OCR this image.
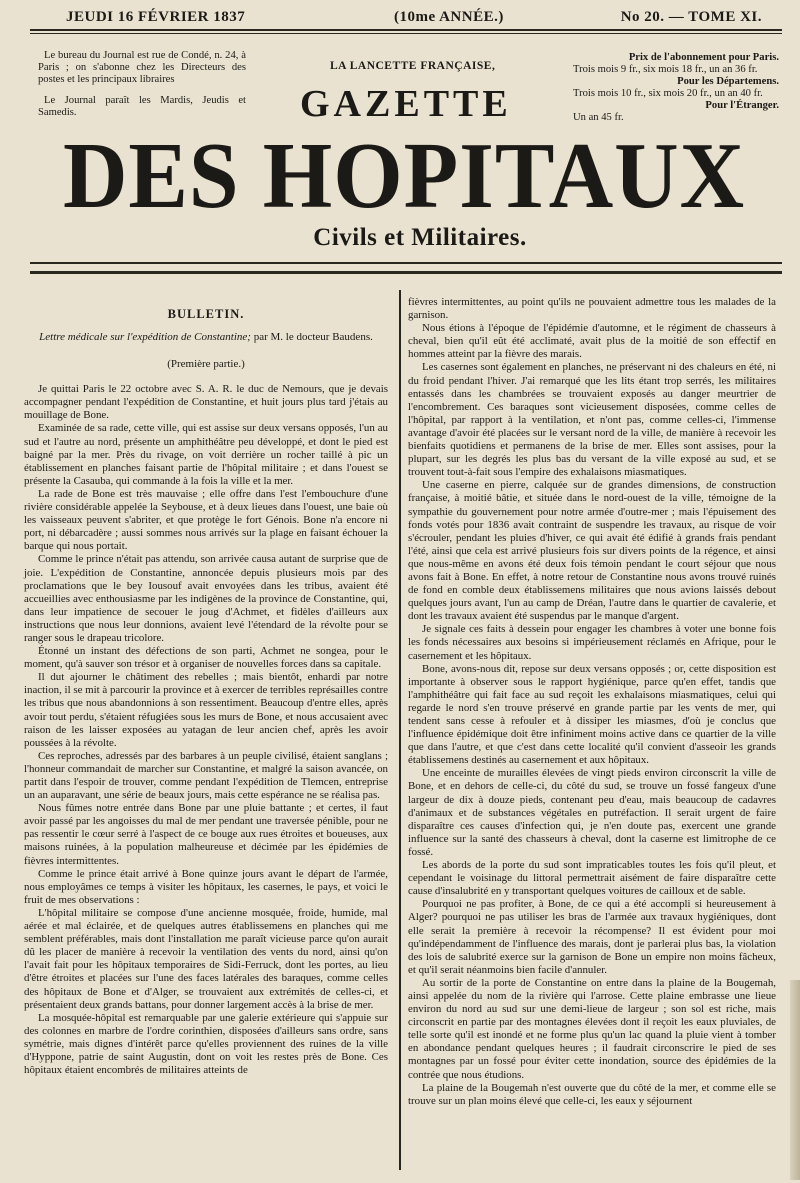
JEUDI 16 FÉVRIER 1837	(10me ANNÉE.)	No 20. — TOME XI.

Le bureau du Journal est rue de Condé, n. 24, à Paris ; on s'abonne chez les Directeurs des postes et les principaux libraires

Le Journal paraît les Mardis, Jeudis et Samedis.

LA LANCETTE FRANÇAISE,
GAZETTE
Prix de l'abonnement pour Paris.
Trois mois 9 fr., six mois 18 fr., un an 36 fr.
Pour les Départemens.
Trois mois 10 fr., six mois 20 fr., un an 40 fr.
Pour l'Étranger.
Un an 45 fr.
DES HOPITAUX
Civils et Militaires.
BULLETIN.
Lettre médicale sur l'expédition de Constantine; par M. le docteur Baudens.
(Première partie.)

Je quittai Paris le 22 octobre avec S. A. R. le duc de Nemours, que je devais accompagner pendant l'expédition de Constantine, et huit jours plus tard j'étais au mouillage de Bone.

Examinée de sa rade, cette ville, qui est assise sur deux versans opposés, l'un au sud et l'autre au nord, présente un amphithéâtre peu développé, et dont le pied est baigné par la mer. Près du rivage, on voit derrière un rocher taillé à pic un établissement en planches faisant partie de l'hôpital militaire ; et dans l'ouest se présente la Casauba, qui commande à la fois la ville et la mer.

La rade de Bone est très mauvaise ; elle offre dans l'est l'embouchure d'une rivière considérable appelée la Seybouse, et à deux lieues dans l'ouest, une baie où les vaisseaux peuvent s'abriter, et que protège le fort Génois. Bone n'a encore ni port, ni débarcadère ; aussi sommes nous arrivés sur la plage en faisant échouer la barque qui nous portait.

Comme le prince n'était pas attendu, son arrivée causa autant de surprise que de joie. L'expédition de Constantine, annoncée depuis plusieurs mois par des proclamations que le bey Iousouf avait envoyées dans les tribus, avaient été accueillies avec enthousiasme par les indigènes de la province de Constantine, qui, dans leur impatience de secouer le joug d'Achmet, et fidèles d'ailleurs aux instructions que nous leur donnions, avaient levé l'étendard de la révolte pour se ranger sous le drapeau tricolore.

Étonné un instant des défections de son parti, Achmet ne songea, pour le moment, qu'à sauver son trésor et à organiser de nouvelles forces dans sa capitale.

Il dut ajourner le châtiment des rebelles ; mais bientôt, enhardi par notre inaction, il se mit à parcourir la province et à exercer de terribles représailles contre les tribus que nous abandonnions à son ressentiment. Beaucoup d'entre elles, après avoir tout perdu, s'étaient réfugiées sous les murs de Bone, et nous accusaient avec raison de les laisser exposées au yatagan de leur ancien chef, après les avoir poussées à la révolte.

Ces reproches, adressés par des barbares à un peuple civilisé, étaient sanglans ; l'honneur commandait de marcher sur Constantine, et malgré la saison avancée, on partit dans l'espoir de trouver, comme pendant l'expédition de Tlemcen, entreprise un an auparavant, une série de beaux jours, mais cette espérance ne se réalisa pas.

Nous fûmes notre entrée dans Bone par une pluie battante ; et certes, il faut avoir passé par les angoisses du mal de mer pendant une traversée pénible, pour ne pas ressentir le cœur serré à l'aspect de ce bouge aux rues étroites et boueuses, aux maisons ruinées, à la population malheureuse et décimée par les épidémies de fièvres intermittentes.

Comme le prince était arrivé à Bone quinze jours avant le départ de l'armée, nous employâmes ce temps à visiter les hôpitaux, les casernes, le pays, et voici le fruit de mes observations :

L'hôpital militaire se compose d'une ancienne mosquée, froide, humide, mal aérée et mal éclairée, et de quelques autres établissemens en planches qui me semblent préférables, mais dont l'installation me paraît vicieuse parce qu'on aurait dû les placer de manière à recevoir la ventilation des vents du nord, ainsi qu'on l'avait fait pour les hôpitaux temporaires de Sidi-Ferruck, dont les portes, au lieu d'être étroites et placées sur l'une des faces latérales des baraques, comme celles des hôpitaux de Bone et d'Alger, se trouvaient aux extrémités de celles-ci, et présentaient deux grands battans, pour donner largement accès à la brise de mer.

La mosquée-hôpital est remarquable par une galerie extérieure qui s'appuie sur des colonnes en marbre de l'ordre corinthien, disposées d'ailleurs sans ordre, sans symétrie, mais dignes d'intérêt parce qu'elles proviennent des ruines de la ville d'Hyppone, patrie de saint Augustin, dont on voit les restes près de Bone. Ces hôpitaux étaient encombrés de militaires atteints de

fièvres intermittentes, au point qu'ils ne pouvaient admettre tous les malades de la garnison.

Nous étions à l'époque de l'épidémie d'automne, et le régiment de chasseurs à cheval, bien qu'il eût été acclimaté, avait plus de la moitié de son effectif en hommes atteint par la fièvre des marais.

Les casernes sont également en planches, ne préservant ni des chaleurs en été, ni du froid pendant l'hiver. J'ai remarqué que les lits étant trop serrés, les militaires entassés dans les chambrées se trouvaient exposés au danger meurtrier de l'encombrement. Ces baraques sont vicieusement disposées, comme celles de l'hôpital, par rapport à la ventilation, et n'ont pas, comme celles-ci, l'immense avantage d'avoir été placées sur le versant nord de la ville, de manière à recevoir les bienfaits quotidiens et permanens de la brise de mer. Elles sont assises, pour la plupart, sur les degrés les plus bas du versant de la ville exposé au sud, et se trouvent tout-à-fait sous l'empire des exhalaisons miasmatiques.

Une caserne en pierre, calquée sur de grandes dimensions, de construction française, à moitié bâtie, et située dans le nord-ouest de la ville, témoigne de la sympathie du gouvernement pour notre armée d'outre-mer ; mais l'épuisement des fonds votés pour 1836 avait contraint de suspendre les travaux, au risque de voir s'écrouler, pendant les pluies d'hiver, ce qui avait été édifié à grands frais pendant l'été, ainsi que cela est arrivé plusieurs fois sur divers points de la régence, et ainsi que nous-même en avons été deux fois témoin pendant le court séjour que nous avons fait à Bone. En effet, à notre retour de Constantine nous avons trouvé ruinés de fond en comble deux établissemens militaires que nous avions laissés debout quelques jours avant, l'un au camp de Dréan, l'autre dans le quartier de cavalerie, et dont les travaux avaient été suspendus par le manque d'argent.

Je signale ces faits à dessein pour engager les chambres à voter une bonne fois les fonds nécessaires aux besoins si impérieusement réclamés en Afrique, pour le casernement et les hôpitaux.

Bone, avons-nous dit, repose sur deux versans opposés ; or, cette disposition est importante à observer sous le rapport hygiénique, parce qu'en effet, tandis que l'amphithéâtre qui fait face au sud reçoit les exhalaisons miasmatiques, celui qui regarde le nord s'en trouve préservé en grande partie par les vents de mer, qui tendent sans cesse à refouler et à dissiper les miasmes, d'où je conclus que l'influence épidémique doit être infiniment moins active dans ce quartier de la ville que dans l'autre, et que c'est dans cette localité qu'il convient d'asseoir les grands établissemens destinés au casernement et aux hôpitaux.

Une enceinte de murailles élevées de vingt pieds environ circonscrit la ville de Bone, et en dehors de celle-ci, du côté du sud, se trouve un fossé fangeux d'une largeur de dix à douze pieds, contenant peu d'eau, mais beaucoup de cadavres d'animaux et de substances végétales en putréfaction. Il serait urgent de faire disparaître ces causes d'infection qui, je n'en doute pas, exercent une grande influence sur la santé des chasseurs à cheval, dont la caserne est limitrophe de ce fossé.

Les abords de la porte du sud sont impraticables toutes les fois qu'il pleut, et cependant le voisinage du littoral permettrait aisément de faire disparaître cette cause d'insalubrité en y transportant quelques voitures de cailloux et de sable.

Pourquoi ne pas profiter, à Bone, de ce qui a été accompli si heureusement à Alger? pourquoi ne pas utiliser les bras de l'armée aux travaux hygiéniques, dont elle serait la première à recevoir la récompense? Il est évident pour moi qu'indépendamment de l'influence des marais, dont je parlerai plus bas, la violation des lois de salubrité exerce sur la garnison de Bone un empire non moins fâcheux, et qu'il serait néanmoins bien facile d'annuler.

Au sortir de la porte de Constantine on entre dans la plaine de la Bougemah, ainsi appelée du nom de la rivière qui l'arrose. Cette plaine embrasse une lieue environ du nord au sud sur une demi-lieue de largeur ; son sol est riche, mais circonscrit en partie par des montagnes élevées dont il reçoit les eaux pluviales, de telle sorte qu'il est inondé et ne forme plus qu'un lac quand la pluie vient à tomber en abondance pendant quelques heures ; il faudrait circonscrire le pied de ses montagnes par un fossé pour éviter cette inondation, source des épidémies de la contrée que nous étudions.

La plaine de la Bougemah n'est ouverte que du côté de la mer, et comme elle se trouve sur un plan moins élevé que celle-ci, les eaux y séjournent
